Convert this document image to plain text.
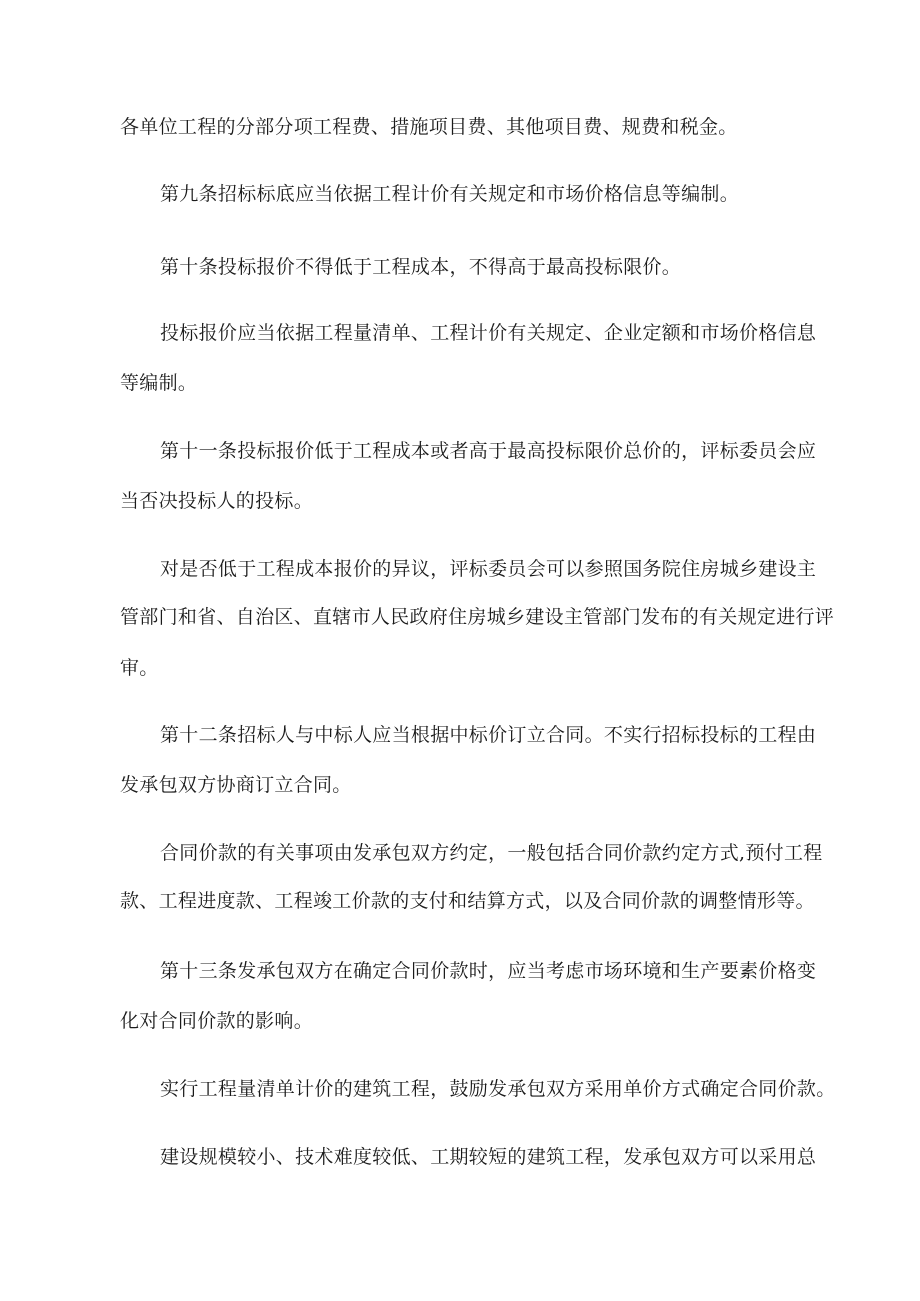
各单位工程的分部分项工程费、措施项目费、其他项目费、规费和税金。
第九条招标标底应当依据工程计价有关规定和市场价格信息等编制。
第十条投标报价不得低于工程成本，不得高于最高投标限价。
投标报价应当依据工程量清单、工程计价有关规定、企业定额和市场价格信息
等编制。
第十一条投标报价低于工程成本或者高于最高投标限价总价的，评标委员会应
当否决投标人的投标。
对是否低于工程成本报价的异议，评标委员会可以参照国务院住房城乡建设主
管部门和省、自治区、直辖市人民政府住房城乡建设主管部门发布的有关规定进行评
审。
第十二条招标人与中标人应当根据中标价订立合同。不实行招标投标的工程由
发承包双方协商订立合同。
合同价款的有关事项由发承包双方约定，一般包括合同价款约定方式,预付工程
款、工程进度款、工程竣工价款的支付和结算方式，以及合同价款的调整情形等。
第十三条发承包双方在确定合同价款时，应当考虑市场环境和生产要素价格变
化对合同价款的影响。
实行工程量清单计价的建筑工程，鼓励发承包双方采用单价方式确定合同价款。
建设规模较小、技术难度较低、工期较短的建筑工程，发承包双方可以采用总
